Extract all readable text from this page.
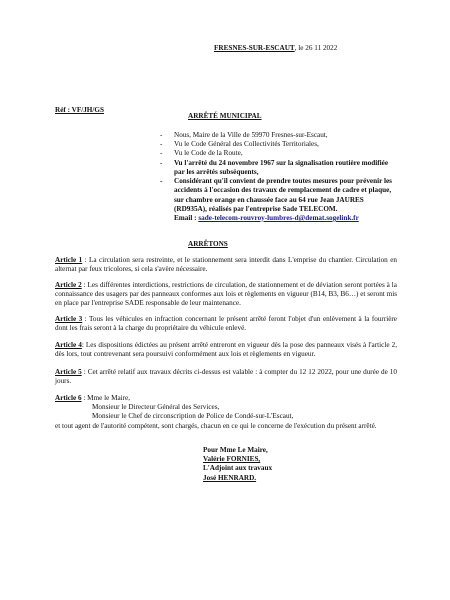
FRESNES-SUR-ESCAUT, le 26 11 2022
Réf : VF/JH/GS
ARRÊTÉ MUNICIPAL
- Nous, Maire de la Ville de 59970 Fresnes-sur-Escaut,
- Vu le Code Général des Collectivités Territoriales,
- Vu le Code de la Route,
- Vu l'arrêté du 24 novembre 1967 sur la signalisation routière modifiée par les arrêtés subséquents,
- Considérant qu'il convient de prendre toutes mesures pour prévenir les accidents à l'occasion des travaux de remplacement de cadre et plaque, sur chambre orange en chaussée face au 64 rue Jean JAURES (RD935A), réalisés par l'entreprise Sade TELECOM.
Email : sade-telecom-rouvroy-lumbres-d@demat.sogelink.fr
ARRÊTONS
Article 1 : La circulation sera restreinte, et le stationnement sera interdit dans L'emprise du chantier. Circulation en alternat par feux tricolores, si cela s'avère nécessaire.
Article 2 : Les différentes interdictions, restrictions de circulation, de stationnement et de déviation seront portées à la connaissance des usagers par des panneaux conformes aux lois et règlements en vigueur (B14, B3, B6…) et seront mis en place par l'entreprise SADE responsable de leur maintenance.
Article 3 : Tous les véhicules en infraction concernant le présent arrêté feront l'objet d'un enlèvement à la fourrière dont les frais seront à la charge du propriétaire du véhicule enlevé.
Article 4: Les dispositions édictées au présent arrêté entreront en vigueur dès la pose des panneaux visés à l'article 2, dès lors, tout contrevenant sera poursuivi conformément aux lois et règlements en vigueur.
Article 5 : Cet arrêté relatif aux travaux décrits ci-dessus est valable : à compter du 12 12 2022, pour une durée de 10 jours.
Article 6 : Mme le Maire,
Monsieur le Directeur Général des Services,
Monsieur le Chef de circonscription de Police de Condé-sur-L'Escaut,
et tout agent de l'autorité compétent, sont chargés, chacun en ce qui le concerne de l'exécution du présent arrêté.
Pour Mme Le Maire,
Valérie FORNIES,
L'Adjoint aux travaux
José HENRARD.
